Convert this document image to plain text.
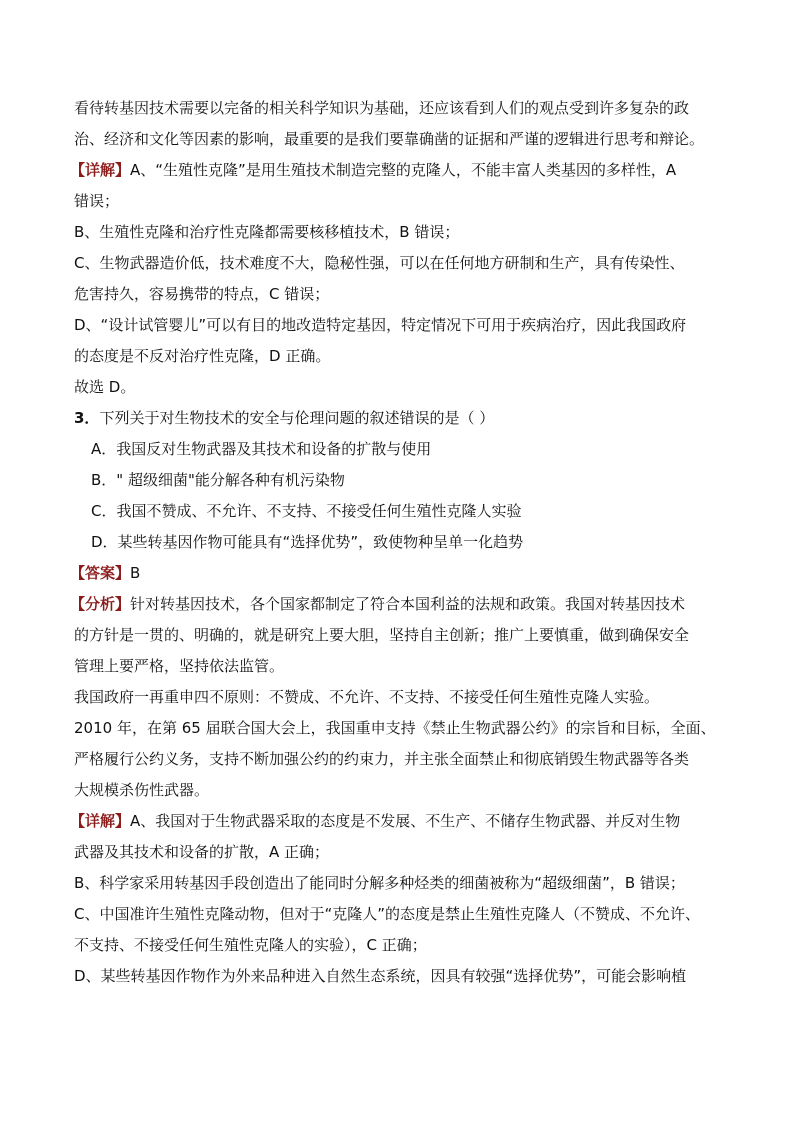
看待转基因技术需要以完备的相关科学知识为基础，还应该看到人们的观点受到许多复杂的政
治、经济和文化等因素的影响，最重要的是我们要靠确凿的证据和严谨的逻辑进行思考和辩论。
【详解】A、“生殖性克隆”是用生殖技术制造完整的克隆人，不能丰富人类基因的多样性，A
错误；
B、生殖性克隆和治疗性克隆都需要核移植技术，B 错误；
C、生物武器造价低，技术难度不大，隐秘性强，可以在任何地方研制和生产，具有传染性、
危害持久，容易携带的特点，C 错误；
D、“设计试管婴儿”可以有目的地改造特定基因，特定情况下可用于疾病治疗，因此我国政府
的态度是不反对治疗性克隆，D 正确。
故选 D。
3．下列关于对生物技术的安全与伦理问题的叙述错误的是（ ）
A．我国反对生物武器及其技术和设备的扩散与使用
B．" 超级细菌"能分解各种有机污染物
C．我国不赞成、不允许、不支持、不接受任何生殖性克隆人实验
D．某些转基因作物可能具有“选择优势”，致使物种呈单一化趋势
【答案】B
【分析】针对转基因技术，各个国家都制定了符合本国利益的法规和政策。我国对转基因技术
的方针是一贯的、明确的，就是研究上要大胆，坚持自主创新；推广上要慎重，做到确保安全
管理上要严格，坚持依法监管。
我国政府一再重申四不原则：不赞成、不允许、不支持、不接受任何生殖性克隆人实验。
2010 年，在第 65 届联合国大会上，我国重申支持《禁止生物武器公约》的宗旨和目标，全面、
严格履行公约义务，支持不断加强公约的约束力，并主张全面禁止和彻底销毁生物武器等各类
大规模杀伤性武器。
【详解】A、我国对于生物武器采取的态度是不发展、不生产、不储存生物武器、并反对生物
武器及其技术和设备的扩散，A 正确；
B、科学家采用转基因手段创造出了能同时分解多种烃类的细菌被称为“超级细菌”，B 错误；
C、中国准许生殖性克隆动物，但对于“克隆人”的态度是禁止生殖性克隆人（不赞成、不允许、
不支持、不接受任何生殖性克隆人的实验），C 正确；
D、某些转基因作物作为外来品种进入自然生态系统，因具有较强“选择优势”，可能会影响植
